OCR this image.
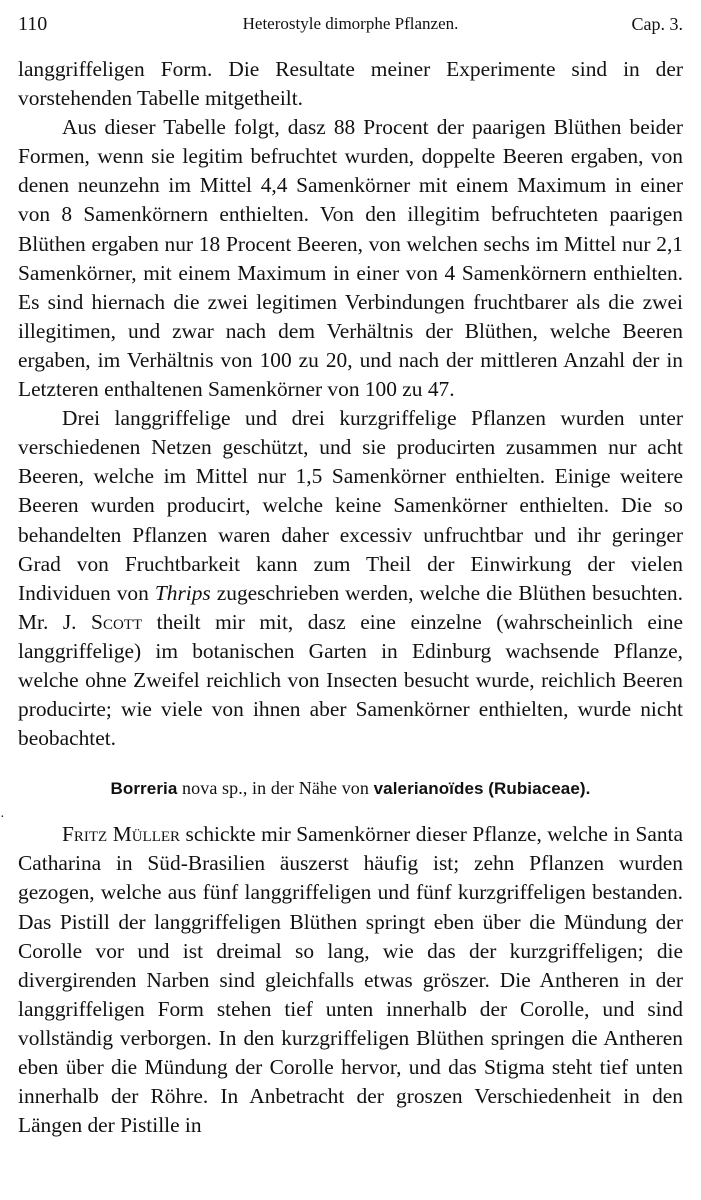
110	Heterostyle dimorphe Pflanzen.	Cap. 3.

langgriffeligen Form. Die Resultate meiner Experimente sind in der vorstehenden Tabelle mitgetheilt.

Aus dieser Tabelle folgt, dasz 88 Procent der paarigen Blüthen beider Formen, wenn sie legitim befruchtet wurden, doppelte Beeren ergaben, von denen neunzehn im Mittel 4,4 Samenkörner mit einem Maximum in einer von 8 Samenkörnern enthielten. Von den illegitim befruchteten paarigen Blüthen ergaben nur 18 Procent Beeren, von welchen sechs im Mittel nur 2,1 Samenkörner, mit einem Maximum in einer von 4 Samenkörnern enthielten. Es sind hiernach die zwei legitimen Verbindungen fruchtbarer als die zwei illegitimen, und zwar nach dem Verhältnis der Blüthen, welche Beeren ergaben, im Verhältnis von 100 zu 20, und nach der mittleren Anzahl der in Letzteren enthaltenen Samenkörner von 100 zu 47.

Drei langgriffelige und drei kurzgriffelige Pflanzen wurden unter verschiedenen Netzen geschützt, und sie producirten zusammen nur acht Beeren, welche im Mittel nur 1,5 Samenkörner enthielten. Einige weitere Beeren wurden producirt, welche keine Samenkörner enthielten. Die so behandelten Pflanzen waren daher excessiv unfruchtbar und ihr geringer Grad von Fruchtbarkeit kann zum Theil der Einwirkung der vielen Individuen von Thrips zugeschrieben werden, welche die Blüthen besuchten. Mr. J. Scott theilt mir mit, dasz eine einzelne (wahrscheinlich eine langgriffelige) im botanischen Garten in Edinburg wachsende Pflanze, welche ohne Zweifel reichlich von Insecten besucht wurde, reichlich Beeren producirte; wie viele von ihnen aber Samenkörner enthielten, wurde nicht beobachtet.

Borreria nova sp., in der Nähe von valerianoïdes (Rubiaceae).

Fritz Müller schickte mir Samenkörner dieser Pflanze, welche in Santa Catharina in Süd-Brasilien äuszerst häufig ist; zehn Pflanzen wurden gezogen, welche aus fünf langgriffeligen und fünf kurzgriffeligen bestanden. Das Pistill der langgriffeligen Blüthen springt eben über die Mündung der Corolle vor und ist dreimal so lang, wie das der kurzgriffeligen; die divergirenden Narben sind gleichfalls etwas gröszer. Die Antheren in der langgriffeligen Form stehen tief unten innerhalb der Corolle, und sind vollständig verborgen. In den kurzgriffeligen Blüthen springen die Antheren eben über die Mündung der Corolle hervor, und das Stigma steht tief unten innerhalb der Röhre. In Anbetracht der groszen Verschiedenheit in den Längen der Pistille in

·
